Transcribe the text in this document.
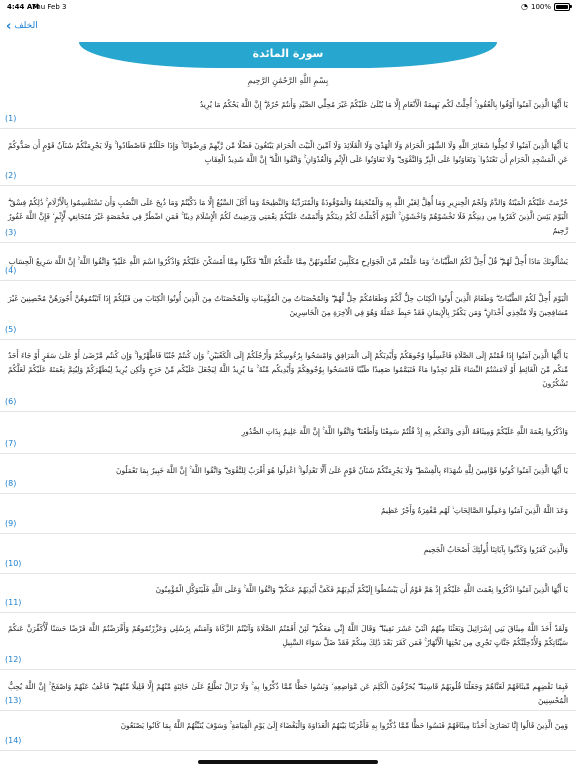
4:44 AM
Thu Feb 3	◔ 100%
‹ الخلف
سورة المائدة
بِسْمِ اللَّهِ الرَّحْمَٰنِ الرَّحِيمِ
يَا أَيُّهَا الَّذِينَ آمَنُوا أَوْفُوا بِالْعُقُودِ ۚ أُحِلَّتْ لَكُم بَهِيمَةُ الْأَنْعَامِ إِلَّا مَا يُتْلَىٰ عَلَيْكُمْ غَيْرَ مُحِلِّي الصَّيْدِ وَأَنتُمْ حُرُمٌ ۗ إِنَّ اللَّهَ يَحْكُمُ مَا يُرِيدُ
(1)
يَا أَيُّهَا الَّذِينَ آمَنُوا لَا تُحِلُّوا شَعَائِرَ اللَّهِ وَلَا الشَّهْرَ الْحَرَامَ وَلَا الْهَدْيَ وَلَا الْقَلَائِدَ وَلَا آمِّينَ الْبَيْتَ الْحَرَامَ يَبْتَغُونَ فَضْلًا مِّن رَّبِّهِمْ وَرِضْوَانًا ۚ وَإِذَا حَلَلْتُمْ فَاصْطَادُوا ۚ وَلَا يَجْرِمَنَّكُمْ شَنَآنُ قَوْمٍ أَن صَدُّوكُمْ عَنِ الْمَسْجِدِ الْحَرَامِ أَن تَعْتَدُوا ۘ وَتَعَاوَنُوا عَلَى الْبِرِّ وَالتَّقْوَىٰ ۖ وَلَا تَعَاوَنُوا عَلَى الْإِثْمِ وَالْعُدْوَانِ ۚ وَاتَّقُوا اللَّهَ ۖ إِنَّ اللَّهَ شَدِيدُ الْعِقَابِ
(2)
حُرِّمَتْ عَلَيْكُمُ الْمَيْتَةُ وَالدَّمُ وَلَحْمُ الْخِنزِيرِ وَمَا أُهِلَّ لِغَيْرِ اللَّهِ بِهِ وَالْمُنْخَنِقَةُ وَالْمَوْقُوذَةُ وَالْمُتَرَدِّيَةُ وَالنَّطِيحَةُ وَمَا أَكَلَ السَّبُعُ إِلَّا مَا ذَكَّيْتُمْ وَمَا ذُبِحَ عَلَى النُّصُبِ وَأَن تَسْتَقْسِمُوا بِالْأَزْلَامِ ۚ ذَٰلِكُمْ فِسْقٌ ۗ الْيَوْمَ يَئِسَ الَّذِينَ كَفَرُوا مِن دِينِكُمْ فَلَا تَخْشَوْهُمْ وَاخْشَوْنِ ۚ الْيَوْمَ أَكْمَلْتُ لَكُمْ دِينَكُمْ وَأَتْمَمْتُ عَلَيْكُمْ نِعْمَتِي وَرَضِيتُ لَكُمُ الْإِسْلَامَ دِينًا ۚ فَمَنِ اضْطُرَّ فِي مَخْمَصَةٍ غَيْرَ مُتَجَانِفٍ لِّإِثْمٍ ۙ فَإِنَّ اللَّهَ غَفُورٌ رَّحِيمٌ
(3)
يَسْأَلُونَكَ مَاذَا أُحِلَّ لَهُمْ ۖ قُلْ أُحِلَّ لَكُمُ الطَّيِّبَاتُ ۙ وَمَا عَلَّمْتُم مِّنَ الْجَوَارِحِ مُكَلِّبِينَ تُعَلِّمُونَهُنَّ مِمَّا عَلَّمَكُمُ اللَّهُ ۖ فَكُلُوا مِمَّا أَمْسَكْنَ عَلَيْكُمْ وَاذْكُرُوا اسْمَ اللَّهِ عَلَيْهِ ۖ وَاتَّقُوا اللَّهَ ۚ إِنَّ اللَّهَ سَرِيعُ الْحِسَابِ
(4)
الْيَوْمَ أُحِلَّ لَكُمُ الطَّيِّبَاتُ ۖ وَطَعَامُ الَّذِينَ أُوتُوا الْكِتَابَ حِلٌّ لَّكُمْ وَطَعَامُكُمْ حِلٌّ لَّهُمْ ۖ وَالْمُحْصَنَاتُ مِنَ الْمُؤْمِنَاتِ وَالْمُحْصَنَاتُ مِنَ الَّذِينَ أُوتُوا الْكِتَابَ مِن قَبْلِكُمْ إِذَا آتَيْتُمُوهُنَّ أُجُورَهُنَّ مُحْصِنِينَ غَيْرَ مُسَافِحِينَ وَلَا مُتَّخِذِي أَخْدَانٍ ۗ وَمَن يَكْفُرْ بِالْإِيمَانِ فَقَدْ حَبِطَ عَمَلُهُ وَهُوَ فِي الْآخِرَةِ مِنَ الْخَاسِرِينَ
(5)
يَا أَيُّهَا الَّذِينَ آمَنُوا إِذَا قُمْتُمْ إِلَى الصَّلَاةِ فَاغْسِلُوا وُجُوهَكُمْ وَأَيْدِيَكُمْ إِلَى الْمَرَافِقِ وَامْسَحُوا بِرُءُوسِكُمْ وَأَرْجُلَكُمْ إِلَى الْكَعْبَيْنِ ۚ وَإِن كُنتُمْ جُنُبًا فَاطَّهَّرُوا ۚ وَإِن كُنتُم مَّرْضَىٰ أَوْ عَلَىٰ سَفَرٍ أَوْ جَاءَ أَحَدٌ مِّنكُم مِّنَ الْغَائِطِ أَوْ لَامَسْتُمُ النِّسَاءَ فَلَمْ تَجِدُوا مَاءً فَتَيَمَّمُوا صَعِيدًا طَيِّبًا فَامْسَحُوا بِوُجُوهِكُمْ وَأَيْدِيكُم مِّنْهُ ۚ مَا يُرِيدُ اللَّهُ لِيَجْعَلَ عَلَيْكُم مِّنْ حَرَجٍ وَلَٰكِن يُرِيدُ لِيُطَهِّرَكُمْ وَلِيُتِمَّ نِعْمَتَهُ عَلَيْكُمْ لَعَلَّكُمْ تَشْكُرُونَ
(6)
وَاذْكُرُوا نِعْمَةَ اللَّهِ عَلَيْكُمْ وَمِيثَاقَهُ الَّذِي وَاثَقَكُم بِهِ إِذْ قُلْتُمْ سَمِعْنَا وَأَطَعْنَا ۖ وَاتَّقُوا اللَّهَ ۚ إِنَّ اللَّهَ عَلِيمٌ بِذَاتِ الصُّدُورِ
(7)
يَا أَيُّهَا الَّذِينَ آمَنُوا كُونُوا قَوَّامِينَ لِلَّهِ شُهَدَاءَ بِالْقِسْطِ ۖ وَلَا يَجْرِمَنَّكُمْ شَنَآنُ قَوْمٍ عَلَىٰ أَلَّا تَعْدِلُوا ۚ اعْدِلُوا هُوَ أَقْرَبُ لِلتَّقْوَىٰ ۖ وَاتَّقُوا اللَّهَ ۚ إِنَّ اللَّهَ خَبِيرٌ بِمَا تَعْمَلُونَ
(8)
وَعَدَ اللَّهُ الَّذِينَ آمَنُوا وَعَمِلُوا الصَّالِحَاتِ ۙ لَهُم مَّغْفِرَةٌ وَأَجْرٌ عَظِيمٌ
(9)
وَالَّذِينَ كَفَرُوا وَكَذَّبُوا بِآيَاتِنَا أُولَٰئِكَ أَصْحَابُ الْجَحِيمِ
(10)
يَا أَيُّهَا الَّذِينَ آمَنُوا اذْكُرُوا نِعْمَتَ اللَّهِ عَلَيْكُمْ إِذْ هَمَّ قَوْمٌ أَن يَبْسُطُوا إِلَيْكُمْ أَيْدِيَهُمْ فَكَفَّ أَيْدِيَهُمْ عَنكُمْ ۖ وَاتَّقُوا اللَّهَ ۚ وَعَلَى اللَّهِ فَلْيَتَوَكَّلِ الْمُؤْمِنُونَ
(11)
وَلَقَدْ أَخَذَ اللَّهُ مِيثَاقَ بَنِي إِسْرَائِيلَ وَبَعَثْنَا مِنْهُمُ اثْنَيْ عَشَرَ نَقِيبًا ۖ وَقَالَ اللَّهُ إِنِّي مَعَكُمْ ۖ لَئِنْ أَقَمْتُمُ الصَّلَاةَ وَآتَيْتُمُ الزَّكَاةَ وَآمَنتُم بِرُسُلِي وَعَزَّرْتُمُوهُمْ وَأَقْرَضْتُمُ اللَّهَ قَرْضًا حَسَنًا لَّأُكَفِّرَنَّ عَنكُمْ سَيِّئَاتِكُمْ وَلَأُدْخِلَنَّكُمْ جَنَّاتٍ تَجْرِي مِن تَحْتِهَا الْأَنْهَارُ ۚ فَمَن كَفَرَ بَعْدَ ذَٰلِكَ مِنكُمْ فَقَدْ ضَلَّ سَوَاءَ السَّبِيلِ
(12)
فَبِمَا نَقْضِهِم مِّيثَاقَهُمْ لَعَنَّاهُمْ وَجَعَلْنَا قُلُوبَهُمْ قَاسِيَةً ۖ يُحَرِّفُونَ الْكَلِمَ عَن مَّوَاضِعِهِ ۙ وَنَسُوا حَظًّا مِّمَّا ذُكِّرُوا بِهِ ۚ وَلَا تَزَالُ تَطَّلِعُ عَلَىٰ خَائِنَةٍ مِّنْهُمْ إِلَّا قَلِيلًا مِّنْهُمْ ۖ فَاعْفُ عَنْهُمْ وَاصْفَحْ ۚ إِنَّ اللَّهَ يُحِبُّ الْمُحْسِنِينَ
(13)
وَمِنَ الَّذِينَ قَالُوا إِنَّا نَصَارَىٰ أَخَذْنَا مِيثَاقَهُمْ فَنَسُوا حَظًّا مِّمَّا ذُكِّرُوا بِهِ فَأَغْرَيْنَا بَيْنَهُمُ الْعَدَاوَةَ وَالْبَغْضَاءَ إِلَىٰ يَوْمِ الْقِيَامَةِ ۚ وَسَوْفَ يُنَبِّئُهُمُ اللَّهُ بِمَا كَانُوا يَصْنَعُونَ
(14)
